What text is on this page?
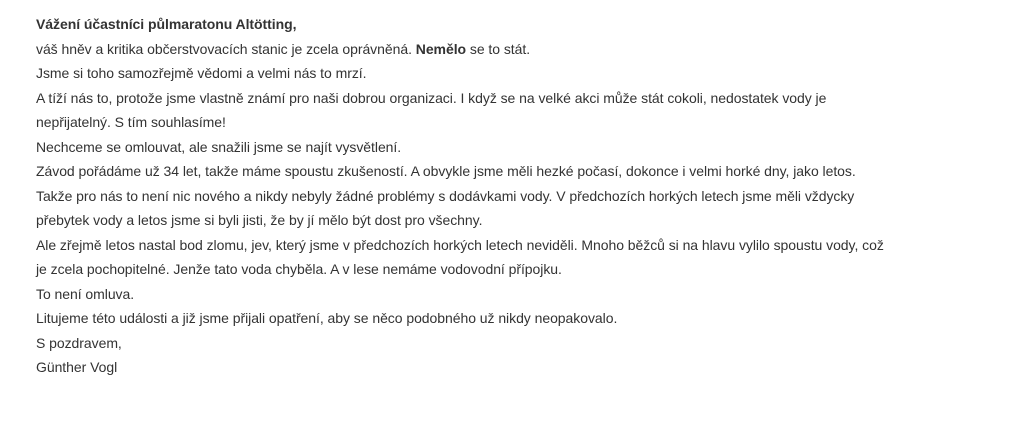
Vážení účastníci půlmaratonu Altötting,
váš hněv a kritika občerstvovacích stanic je zcela oprávněná. Nemělo se to stát.
Jsme si toho samozřejmě vědomi a velmi nás to mrzí.
A tíží nás to, protože jsme vlastně známí pro naši dobrou organizaci. I když se na velké akci může stát cokoli, nedostatek vody je
nepřijatelný. S tím souhlasíme!
Nechceme se omlouvat, ale snažili jsme se najít vysvětlení.
Závod pořádáme už 34 let, takže máme spoustu zkušeností. A obvykle jsme měli hezké počasí, dokonce i velmi horké dny, jako letos.
Takže pro nás to není nic nového a nikdy nebyly žádné problémy s dodávkami vody. V předchozích horkých letech jsme měli vždycky
přebytek vody a letos jsme si byli jisti, že by jí mělo být dost pro všechny.
Ale zřejmě letos nastal bod zlomu, jev, který jsme v předchozích horkých letech neviděli. Mnoho běžců si na hlavu vylilo spoustu vody, což
je zcela pochopitelné. Jenže tato voda chyběla. A v lese nemáme vodovodní přípojku.
To není omluva.
Litujeme této události a již jsme přijali opatření, aby se něco podobného už nikdy neopakovalo.
S pozdravem,
Günther Vogl
